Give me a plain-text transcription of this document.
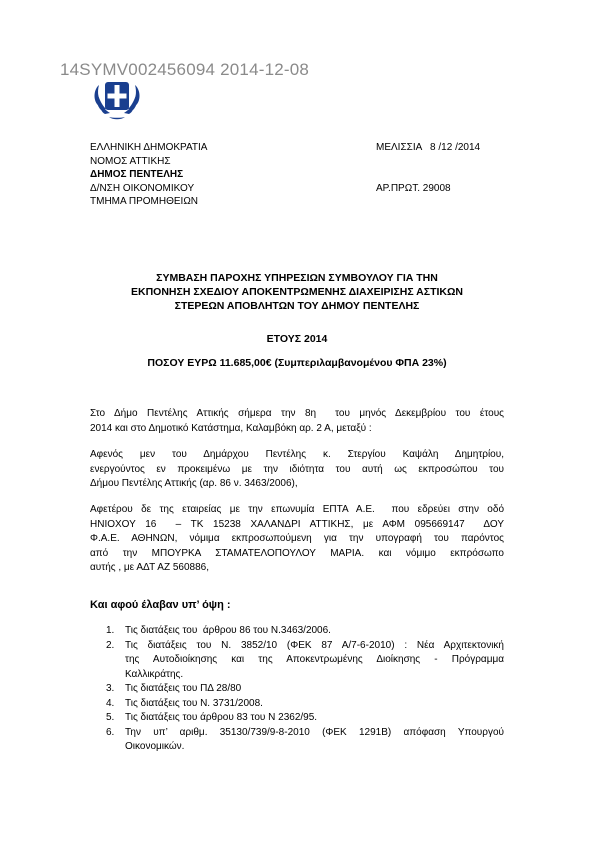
14SYMV002456094 2014-12-08
ΕΛΛΗΝΙΚΗ ΔΗΜΟΚΡΑΤΙΑ
ΝΟΜΟΣ ΑΤΤΙΚΗΣ
ΔΗΜΟΣ ΠΕΝΤΕΛΗΣ
Δ/ΝΣΗ ΟΙΚΟΝΟΜΙΚΟΥ
ΤΜΗΜΑ ΠΡΟΜΗΘΕΙΩΝ
ΜΕΛΙΣΣΙΑ   8 /12 /2014
ΑΡ.ΠΡΩΤ. 29008
ΣΥΜΒΑΣΗ ΠΑΡΟΧΗΣ ΥΠΗΡΕΣΙΩΝ ΣΥΜΒΟΥΛΟΥ ΓΙΑ ΤΗΝ
ΕΚΠΟΝΗΣΗ ΣΧΕΔΙΟΥ ΑΠΟΚΕΝΤΡΩΜΕΝΗΣ ΔΙΑΧΕΙΡΙΣΗΣ ΑΣΤΙΚΩΝ
ΣΤΕΡΕΩΝ ΑΠΟΒΛΗΤΩΝ ΤΟΥ ΔΗΜΟΥ ΠΕΝΤΕΛΗΣ
ΕΤΟΥΣ 2014
ΠΟΣΟΥ ΕΥΡΩ 11.685,00€ (Συμπεριλαμβανομένου ΦΠΑ 23%)
Στο Δήμο Πεντέλης Αττικής σήμερα την 8η  του μηνός Δεκεμβρίου του έτους
2014 και στο Δημοτικό Κατάστημα, Καλαμβόκη αρ. 2 Α, μεταξύ :
Αφενός μεν του Δημάρχου Πεντέλης κ. Στεργίου Καψάλη Δημητρίου,
ενεργούντος εν προκειμένω με την ιδιότητα του αυτή ως εκπροσώπου του
Δήμου Πεντέλης Αττικής (αρ. 86 ν. 3463/2006),
Αφετέρου δε της εταιρείας με την επωνυμία ΕΠΤΑ Α.Ε.  που εδρεύει στην οδό
ΗΝΙΟΧΟΥ 16  – ΤΚ 15238 ΧΑΛΑΝΔΡΙ ΑΤΤΙΚΗΣ, με ΑΦΜ 095669147  ΔΟΥ
Φ.Α.Ε. ΑΘΗΝΩΝ, νόμιμα εκπροσωπούμενη για την υπογραφή του παρόντος
από την ΜΠΟΥΡΚΑ ΣΤΑΜΑΤΕΛΟΠΟΥΛΟΥ ΜΑΡΙΑ. και νόμιμο εκπρόσωπο
αυτής , με ΑΔΤ ΑΖ 560886,
Και αφού έλαβαν υπ’ όψη :
1. Τις διατάξεις του  άρθρου 86 του Ν.3463/2006.
2. Τις διατάξεις του Ν. 3852/10 (ΦΕΚ 87 Α/7-6-2010) : Νέα Αρχιτεκτονική
της Αυτοδιοίκησης και της Αποκεντρωμένης Διοίκησης - Πρόγραμμα
Καλλικράτης.
3. Τις διατάξεις του ΠΔ 28/80
4. Τις διατάξεις του Ν. 3731/2008.
5. Τις διατάξεις του άρθρου 83 του Ν 2362/95.
6. Την υπ’ αριθμ. 35130/739/9-8-2010 (ΦΕΚ 1291Β) απόφαση Υπουργού
Οικονομικών.
